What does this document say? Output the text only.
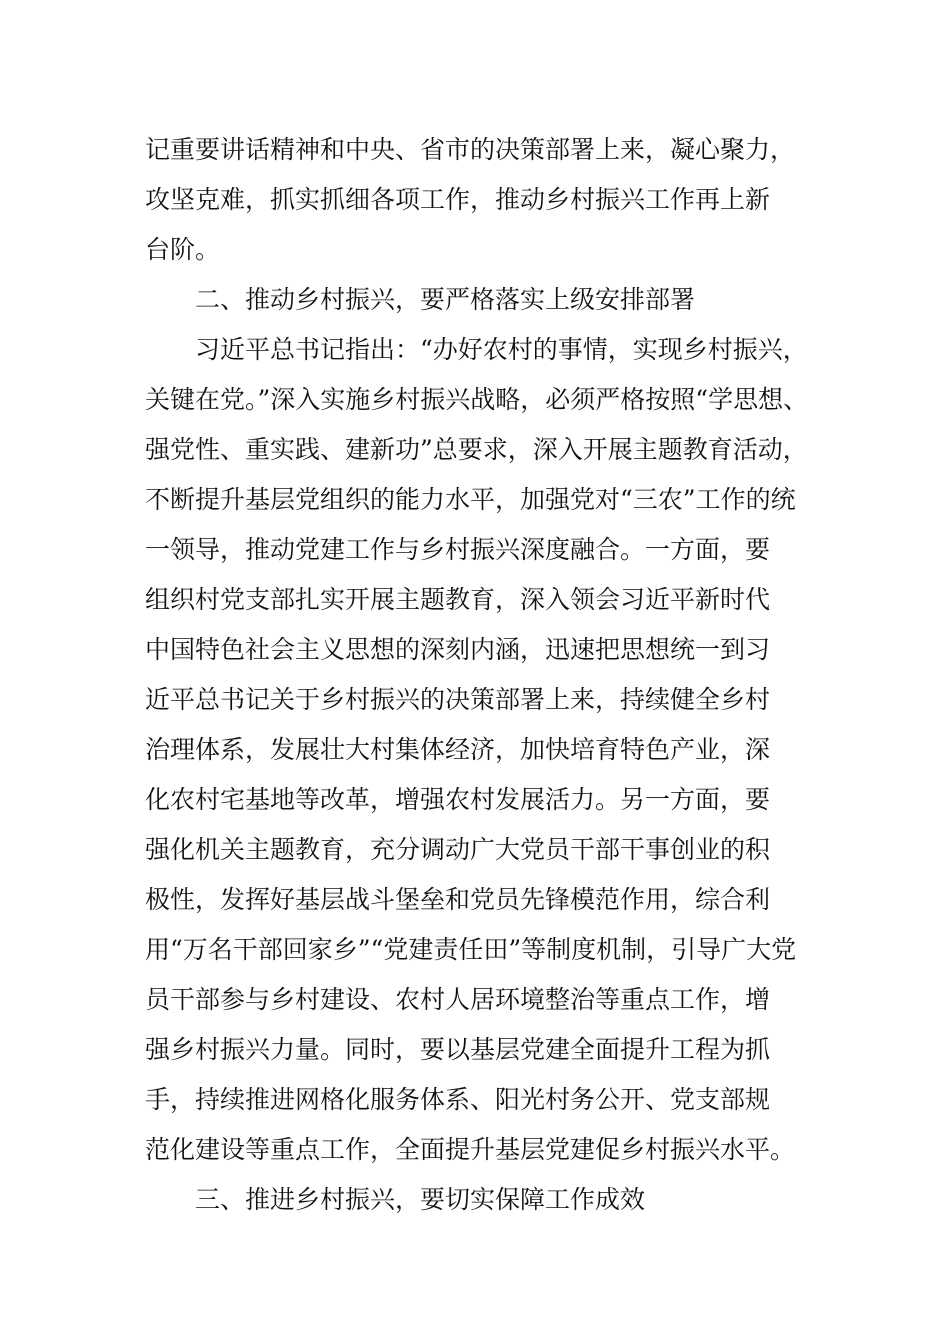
记重要讲话精神和中央、省市的决策部署上来，凝心聚力，
攻坚克难，抓实抓细各项工作，推动乡村振兴工作再上新
台阶。
二、推动乡村振兴，要严格落实上级安排部署
习近平总书记指出：“办好农村的事情，实现乡村振兴，
关键在党。”深入实施乡村振兴战略，必须严格按照“学思想、
强党性、重实践、建新功”总要求，深入开展主题教育活动，
不断提升基层党组织的能力水平，加强党对“三农”工作的统
一领导，推动党建工作与乡村振兴深度融合。一方面，要
组织村党支部扎实开展主题教育，深入领会习近平新时代
中国特色社会主义思想的深刻内涵，迅速把思想统一到习
近平总书记关于乡村振兴的决策部署上来，持续健全乡村
治理体系，发展壮大村集体经济，加快培育特色产业，深
化农村宅基地等改革，增强农村发展活力。另一方面，要
强化机关主题教育，充分调动广大党员干部干事创业的积
极性，发挥好基层战斗堡垒和党员先锋模范作用，综合利
用“万名干部回家乡”“党建责任田”等制度机制，引导广大党
员干部参与乡村建设、农村人居环境整治等重点工作，增
强乡村振兴力量。同时，要以基层党建全面提升工程为抓
手，持续推进网格化服务体系、阳光村务公开、党支部规
范化建设等重点工作，全面提升基层党建促乡村振兴水平。
三、推进乡村振兴，要切实保障工作成效
